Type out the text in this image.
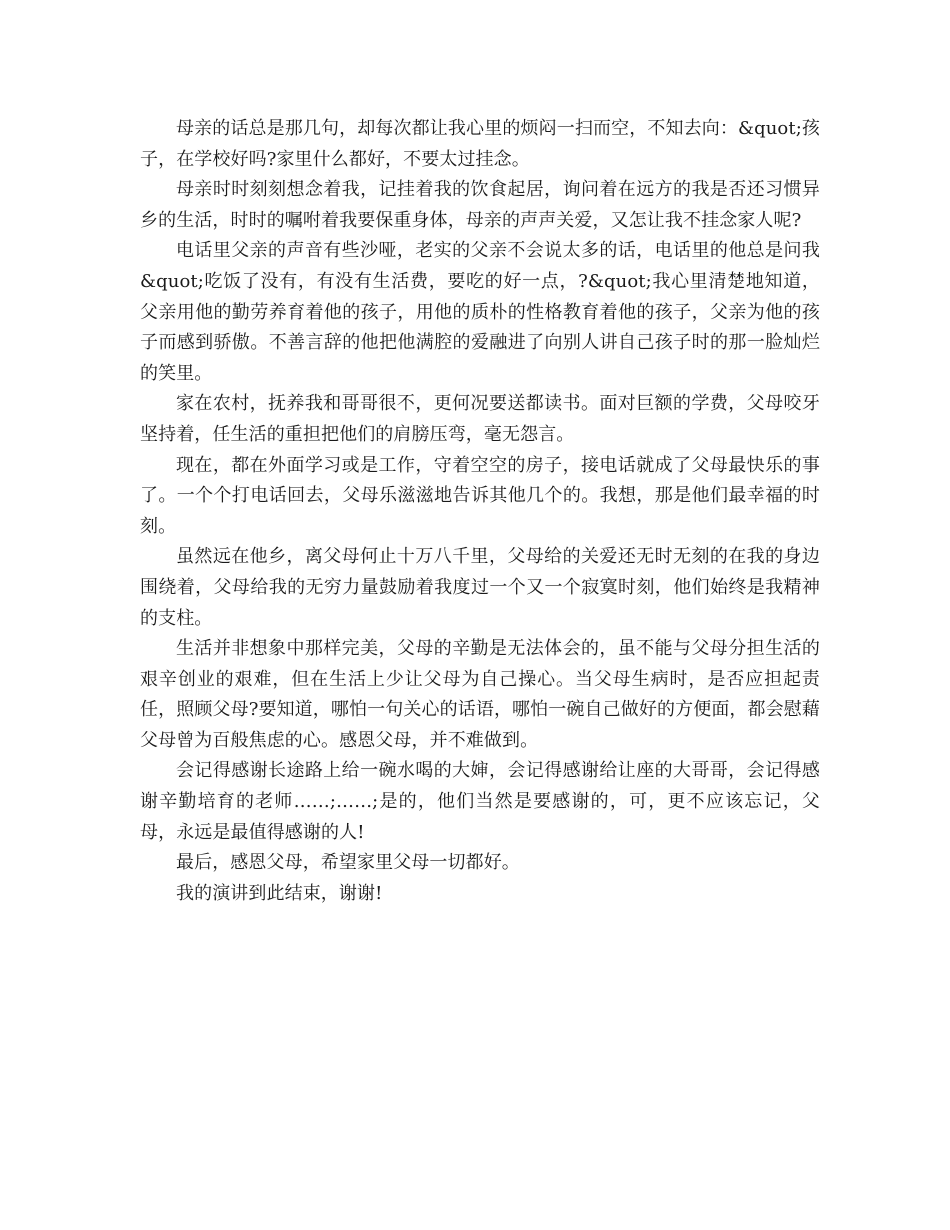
母亲的话总是那几句，却每次都让我心里的烦闷一扫而空，不知去向：&quot;孩子，在学校好吗?家里什么都好，不要太过挂念。

母亲时时刻刻想念着我，记挂着我的饮食起居，询问着在远方的我是否还习惯异乡的生活，时时的嘱咐着我要保重身体，母亲的声声关爱，又怎让我不挂念家人呢?

电话里父亲的声音有些沙哑，老实的父亲不会说太多的话，电话里的他总是问我&quot;吃饭了没有，有没有生活费，要吃的好一点，?&quot;我心里清楚地知道，父亲用他的勤劳养育着他的孩子，用他的质朴的性格教育着他的孩子，父亲为他的孩子而感到骄傲。不善言辞的他把他满腔的爱融进了向别人讲自己孩子时的那一脸灿烂的笑里。

家在农村，抚养我和哥哥很不，更何况要送都读书。面对巨额的学费，父母咬牙坚持着，任生活的重担把他们的肩膀压弯，毫无怨言。

现在，都在外面学习或是工作，守着空空的房子，接电话就成了父母最快乐的事了。一个个打电话回去，父母乐滋滋地告诉其他几个的。我想，那是他们最幸福的时刻。

虽然远在他乡，离父母何止十万八千里，父母给的关爱还无时无刻的在我的身边围绕着，父母给我的无穷力量鼓励着我度过一个又一个寂寞时刻，他们始终是我精神的支柱。

生活并非想象中那样完美，父母的辛勤是无法体会的，虽不能与父母分担生活的艰辛创业的艰难，但在生活上少让父母为自己操心。当父母生病时，是否应担起责任，照顾父母?要知道，哪怕一句关心的话语，哪怕一碗自己做好的方便面，都会慰藉父母曾为百般焦虑的心。感恩父母，并不难做到。

会记得感谢长途路上给一碗水喝的大婶，会记得感谢给让座的大哥哥，会记得感谢辛勤培育的老师……;……;是的，他们当然是要感谢的，可，更不应该忘记，父母，永远是最值得感谢的人!

最后，感恩父母，希望家里父母一切都好。

我的演讲到此结束，谢谢!
